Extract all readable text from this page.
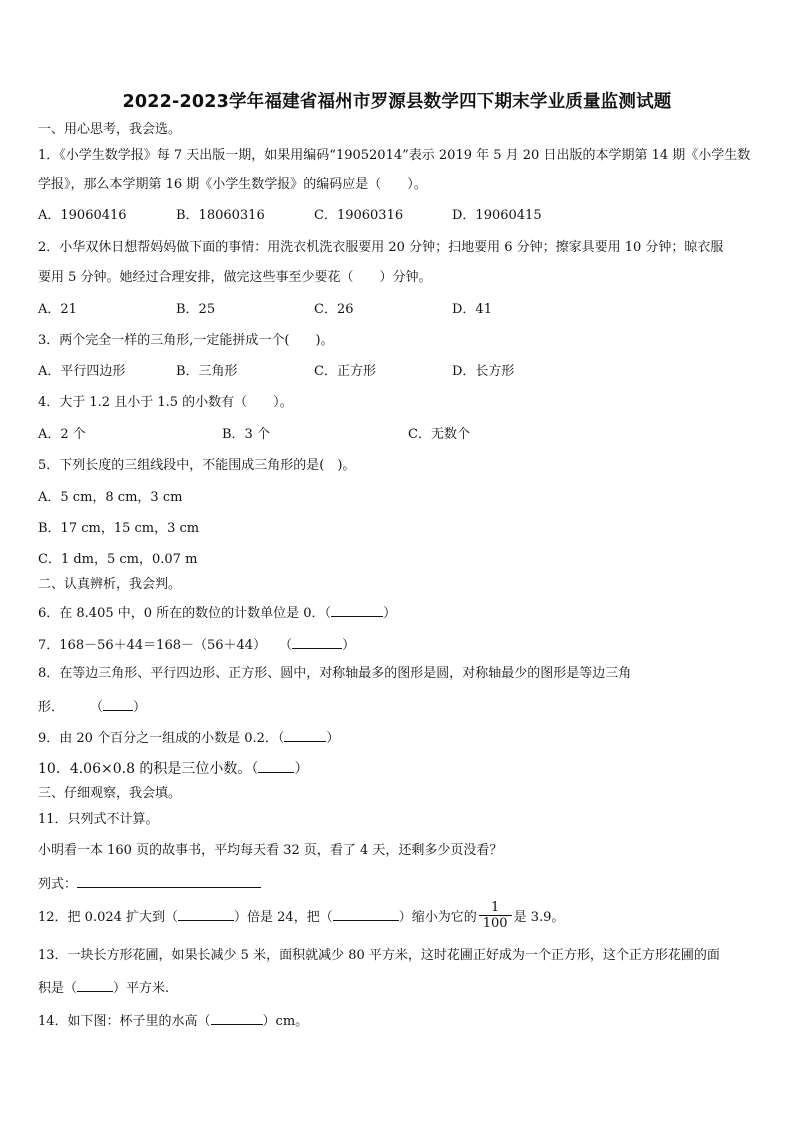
2022-2023学年福建省福州市罗源县数学四下期末学业质量监测试题
一、用心思考，我会选。
1．《小学生数学报》每 7 天出版一期，如果用编码“19052014”表示 2019 年 5 月 20 日出版的本学期第 14 期《小学生数
学报》，那么本学期第 16 期《小学生数学报》的编码应是（　　）。
A．19060416	B．18060316	C．19060316	D．19060415
2．小华双休日想帮妈妈做下面的事情：用洗衣机洗衣服要用 20 分钟；扫地要用 6 分钟；擦家具要用 10 分钟；晾衣服
要用 5 分钟。她经过合理安排，做完这些事至少要花（　　）分钟。
A．21	B．25	C．26	D．41
3．两个完全一样的三角形,一定能拼成一个(　　)。
A．平行四边形	B．三角形	C．正方形	D．长方形
4．大于 1.2 且小于 1.5 的小数有（　　）。
A．2 个	B．3 个	C．无数个
5．下列长度的三组线段中，不能围成三角形的是(　)。
A．5 cm，8 cm，3 cm
B．17 cm，15 cm，3 cm
C．1 dm，5 cm，0.07 m
二、认真辨析，我会判。
6．在 8.405 中，0 所在的数位的计数单位是 0．（	）
7．168－56＋44＝168－（56＋44）　　（	）
8．在等边三角形、平行四边形、正方形、圆中，对称轴最多的图形是圆，对称轴最少的图形是等边三角
形．　　　（ ）
9．由 20 个百分之一组成的小数是 0.2．（	）
10．4.06×0.8 的积是三位小数。（	）
三、仔细观察，我会填。
11．只列式不计算。
小明看一本 160 页的故事书，平均每天看 32 页，看了 4 天，还剩多少页没看？
列式：
12．把 0.024 扩大到（	）倍是 24，把（	）缩小为它的 $\frac{1}{100}$ 是 3.9。
13．一块长方形花圃，如果长减少 5 米，面积就减少 80 平方米，这时花圃正好成为一个正方形，这个正方形花圃的面
积是（	）平方米.
14．如下图：杯子里的水高（	）cm。
